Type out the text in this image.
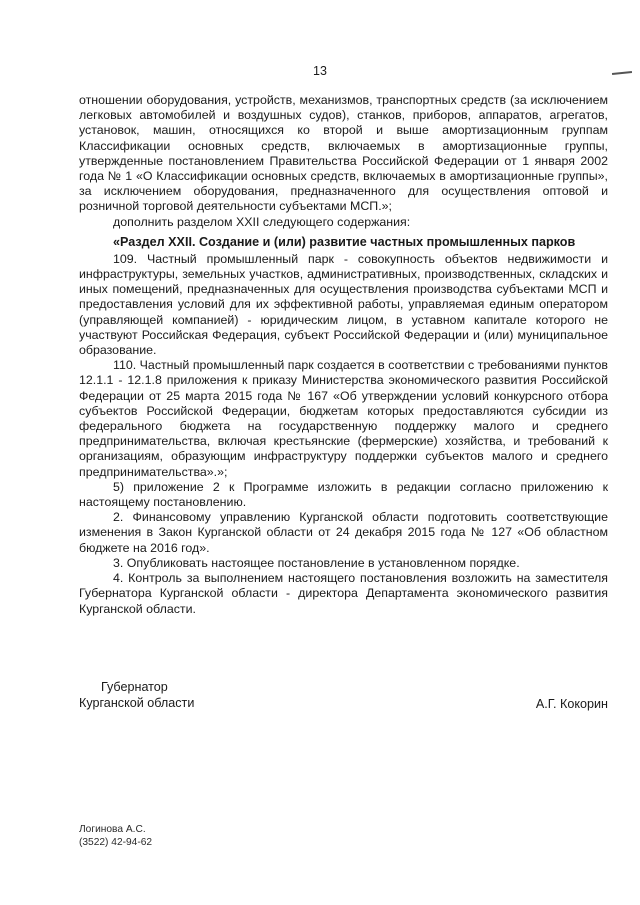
13

отношении оборудования, устройств, механизмов, транспортных средств (за исключением легковых автомобилей и воздушных судов), станков, приборов, аппаратов, агрегатов, установок, машин, относящихся ко второй и выше амортизационным группам Классификации основных средств, включаемых в амортизационные группы, утвержденные постановлением Правительства Российской Федерации от 1 января 2002 года № 1 «О Классификации основных средств, включаемых в амортизационные группы», за исключением оборудования, предназначенного для осуществления оптовой и розничной торговой деятельности субъектами МСП.»;

дополнить разделом XXII следующего содержания:

«Раздел XXII. Создание и (или) развитие частных промышленных парков

109. Частный промышленный парк - совокупность объектов недвижимости и инфраструктуры, земельных участков, административных, производственных, складских и иных помещений, предназначенных для осуществления производства субъектами МСП и предоставления условий для их эффективной работы, управляемая единым оператором (управляющей компанией) - юридическим лицом, в уставном капитале которого не участвуют Российская Федерация, субъект Российской Федерации и (или) муниципальное образование.

110. Частный промышленный парк создается в соответствии с требованиями пунктов 12.1.1 - 12.1.8 приложения к приказу Министерства экономического развития Российской Федерации от 25 марта 2015 года № 167 «Об утверждении условий конкурсного отбора субъектов Российской Федерации, бюджетам которых предоставляются субсидии из федерального бюджета на государственную поддержку малого и среднего предпринимательства, включая крестьянские (фермерские) хозяйства, и требований к организациям, образующим инфраструктуру поддержки субъектов малого и среднего предпринимательства».»;

5) приложение 2 к Программе изложить в редакции согласно приложению к настоящему постановлению.

2. Финансовому управлению Курганской области подготовить соответствующие изменения в Закон Курганской области от 24 декабря 2015 года № 127 «Об областном бюджете на 2016 год».

3. Опубликовать настоящее постановление в установленном порядке.

4. Контроль за выполнением настоящего постановления возложить на заместителя Губернатора Курганской области - директора Департамента экономического развития Курганской области.

Губернатор
Курганской области	А.Г. Кокорин
Логинова А.С.
(3522) 42-94-62
